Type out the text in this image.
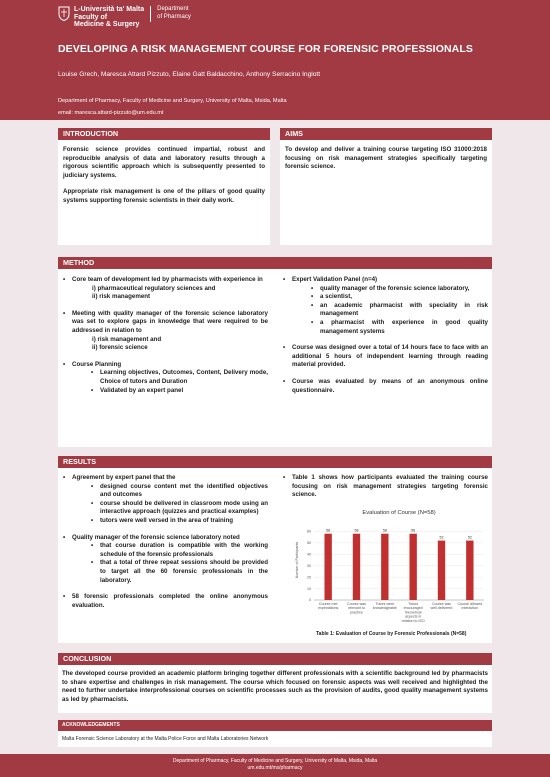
L-Università ta' Malta
Faculty of
Medicine & Surgery
Department
of Pharmacy
DEVELOPING A RISK MANAGEMENT COURSE FOR FORENSIC PROFESSIONALS
Louise Grech, Maresca Attard Pizzuto, Elaine Gatt Baldacchino, Anthony Serracino Inglott
Department of Pharmacy, Faculty of Medicine and Surgery, University of Malta, Msida, Malta
email: maresca.attard-pizzuto@um.edu.mt
INTRODUCTION
Forensic science provides continued impartial, robust and reproducible analysis of data and laboratory results through a rigorous scientific approach which is subsequently presented to judiciary systems.
Appropriate risk management is one of the pillars of good quality systems supporting forensic scientists in their daily work.
AIMS
To develop and deliver a training course targeting ISO 31000:2018 focusing on risk management strategies specifically targeting forensic science.
METHOD
• Core team of development led by pharmacists with experience in
i) pharmaceutical regulatory sciences and
ii) risk management
• Meeting with quality manager of the forensic science laboratory was set to explore gaps in knowledge that were required to be addressed in relation to
i) risk management and
ii) forensic science
• Course Planning
• Learning objectives, Outcomes, Content, Delivery mode, Choice of tutors and Duration
• Validated by an expert panel
• Expert Validation Panel (n=4)
• quality manager of the forensic science laboratory,
• a scientist,
• an academic pharmacist with speciality in risk management
• a pharmacist with experience in good quality management systems
• Course was designed over a total of 14 hours face to face with an additional 5 hours of independent learning through reading material provided.
• Course was evaluated by means of an anonymous online questionnaire.
RESULTS
• Agreement by expert panel that the
• designed course content met the identified objectives and outcomes
• course should be delivered in classroom mode using an interactive approach (quizzes and practical examples)
• tutors were well versed in the area of training
• Quality manager of the forensic science laboratory noted
• that course duration is compatible with the working schedule of the forensic professionals
• that a total of three repeat sessions should be provided to target all the 60 forensic professionals in the laboratory.
• 58 forensic professionals completed the online anonymous evaluation.
• Table 1 shows how participants evaluated the training course focusing on risk management strategies targeting forensic science.
Evaluation of Course (N=58)
0
10
20
30
40
50
60
Number of Participants
58
Course met expectations
58
Course was relevant to practice
58
Tutors were knowledgeable
58
Tutors encouraged theoretical aspects in relation to ISO
52
Course was well delivered
52
Course allowed interaction
Table 1: Evaluation of Course by Forensic Professionals (N=58)
CONCLUSION
The developed course provided an academic platform bringing together different professionals with a scientific background led by pharmacists to share expertise and challenges in risk management. The course which focused on forensic aspects was well received and highlighted the need to further undertake interprofessional courses on scientific processes such as the provision of audits, good quality management systems as led by pharmacists.
ACKNOWLEDGEMENTS
Malta Forensic Science Laboratory at the Malta Police Force and Malta Laboratories Network
Department of Pharmacy, Faculty of Medicine and Surgery, University of Malta, Msida, Malta
um.edu.mt/ms/pharmacy
